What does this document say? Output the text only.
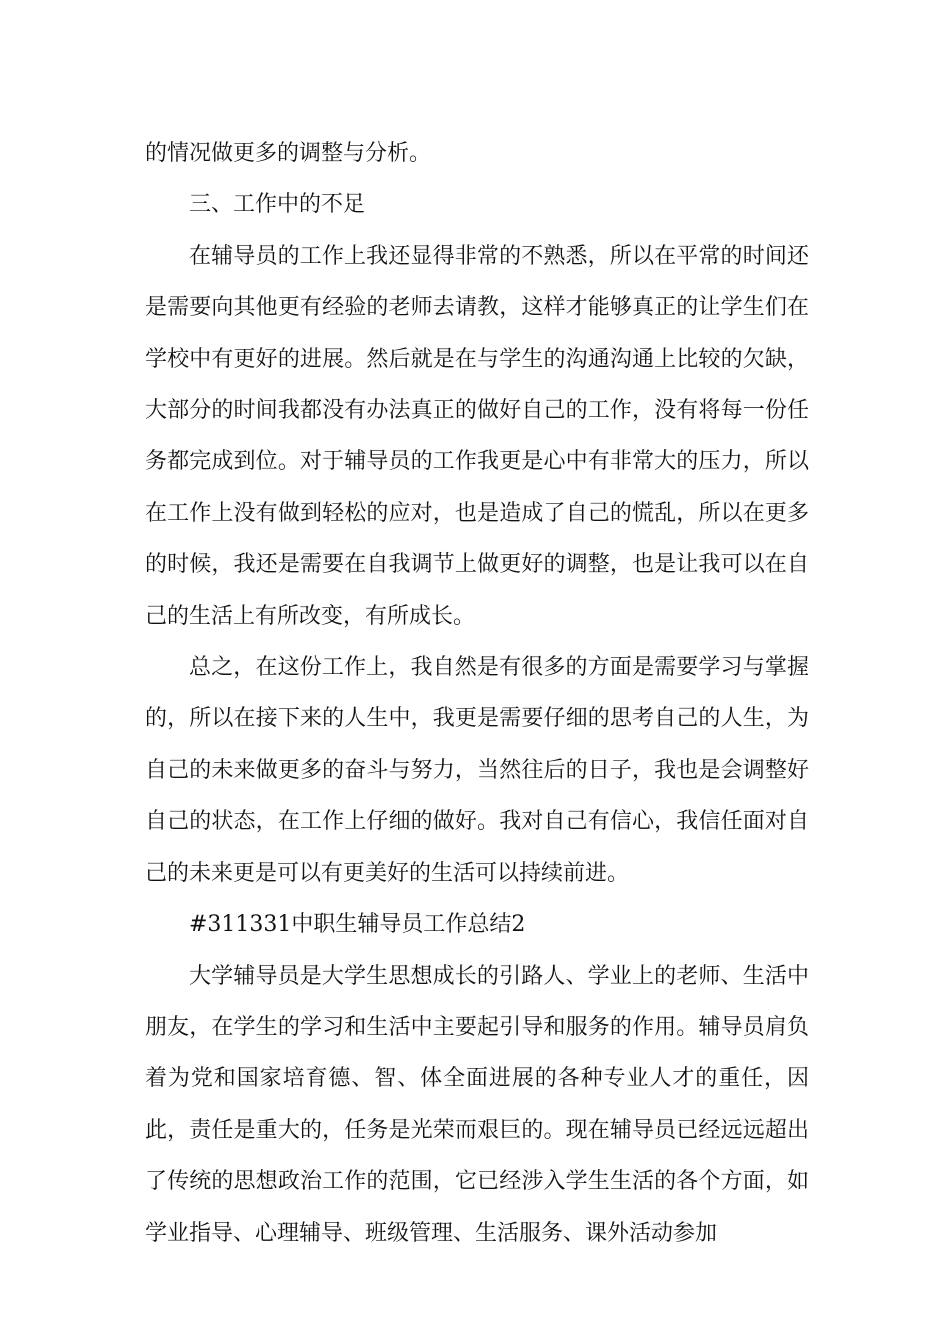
的情况做更多的调整与分析。

三、工作中的不足

在辅导员的工作上我还显得非常的不熟悉，所以在平常的时间还是需要向其他更有经验的老师去请教，这样才能够真正的让学生们在学校中有更好的进展。然后就是在与学生的沟通沟通上比较的欠缺，大部分的时间我都没有办法真正的做好自己的工作，没有将每一份任务都完成到位。对于辅导员的工作我更是心中有非常大的压力，所以在工作上没有做到轻松的应对，也是造成了自己的慌乱，所以在更多的时候，我还是需要在自我调节上做更好的调整，也是让我可以在自己的生活上有所改变，有所成长。

总之，在这份工作上，我自然是有很多的方面是需要学习与掌握的，所以在接下来的人生中，我更是需要仔细的思考自己的人生，为自己的未来做更多的奋斗与努力，当然往后的日子，我也是会调整好自己的状态，在工作上仔细的做好。我对自己有信心，我信任面对自己的未来更是可以有更美好的生活可以持续前进。

#311331中职生辅导员工作总结2

大学辅导员是大学生思想成长的引路人、学业上的老师、生活中朋友，在学生的学习和生活中主要起引导和服务的作用。辅导员肩负着为党和国家培育德、智、体全面进展的各种专业人才的重任，因此，责任是重大的，任务是光荣而艰巨的。现在辅导员已经远远超出了传统的思想政治工作的范围，它已经涉入学生生活的各个方面，如学业指导、心理辅导、班级管理、生活服务、课外活动参加
